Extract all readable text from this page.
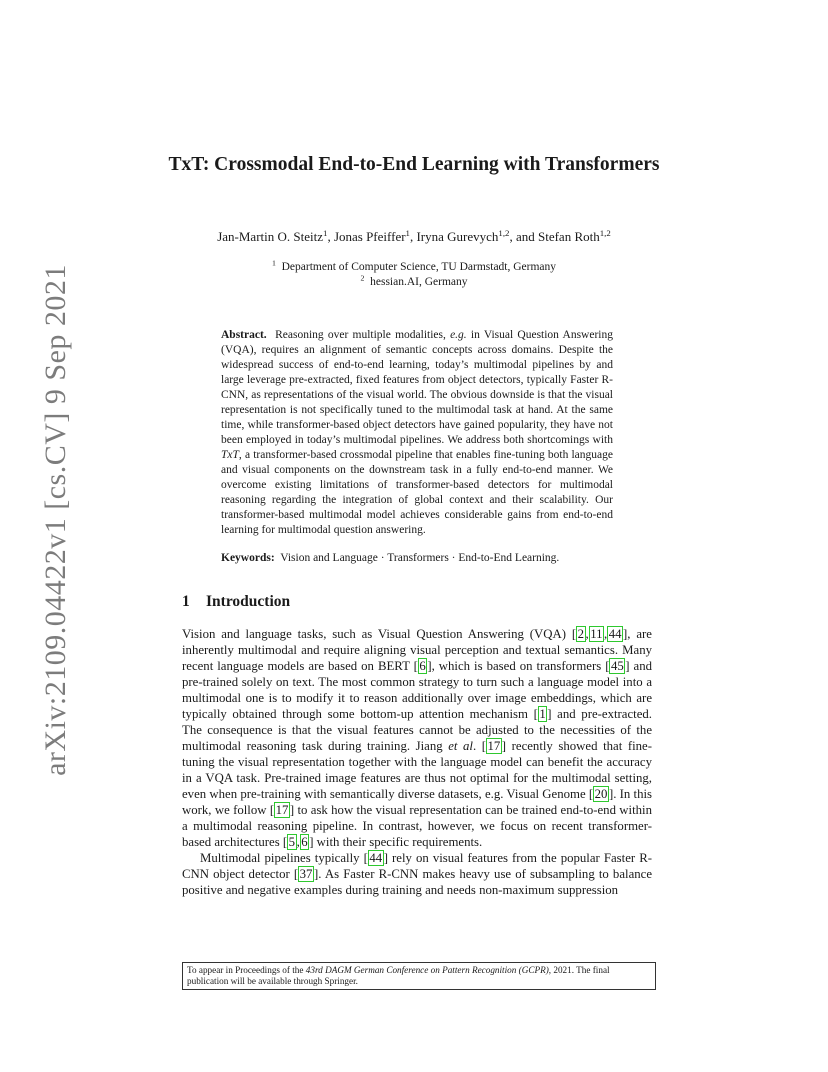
arXiv:2109.04422v1 [cs.CV] 9 Sep 2021
TxT: Crossmodal End-to-End Learning with Transformers
Jan-Martin O. Steitz$^1$, Jonas Pfeiffer$^1$, Iryna Gurevych$^{1,2}$, and Stefan Roth$^{1,2}$
$^1$ Department of Computer Science, TU Darmstadt, Germany
$^2$ hessian.AI, Germany
Abstract. Reasoning over multiple modalities, e.g. in Visual Question Answering (VQA), requires an alignment of semantic concepts across domains. Despite the widespread success of end-to-end learning, today’s multimodal pipelines by and large leverage pre-extracted, fixed features from object detectors, typically Faster R-CNN, as representations of the visual world. The obvious downside is that the visual representation is not specifically tuned to the multimodal task at hand. At the same time, while transformer-based object detectors have gained popularity, they have not been employed in today’s multimodal pipelines. We address both shortcomings with TxT, a transformer-based crossmodal pipeline that enables fine-tuning both language and visual components on the downstream task in a fully end-to-end manner. We overcome existing limitations of transformer-based detectors for multimodal reasoning regarding the integration of global context and their scalability. Our transformer-based multimodal model achieves considerable gains from end-to-end learning for multimodal question answering.
Keywords: Vision and Language · Transformers · End-to-End Learning.
1 Introduction

Vision and language tasks, such as Visual Question Answering (VQA) [ 2 , 11 , 44 ], are inherently multimodal and require aligning visual perception and textual semantics. Many recent language models are based on BERT [ 6 ], which is based on transformers [ 45 ] and pre-trained solely on text. The most common strategy to turn such a language model into a multimodal one is to modify it to reason additionally over image embeddings, which are typically obtained through some bottom-up attention mechanism [ 1 ] and pre-extracted. The consequence is that the visual features cannot be adjusted to the necessities of the multimodal reasoning task during training. Jiang et al. [ 17 ] recently showed that fine-tuning the visual representation together with the language model can benefit the accuracy in a VQA task. Pre-trained image features are thus not optimal for the multimodal setting, even when pre-training with semantically diverse datasets, e.g. Visual Genome [ 20 ]. In this work, we follow [ 17 ] to ask how the visual representation can be trained end-to-end within a multimodal reasoning pipeline. In contrast, however, we focus on recent transformer-based architectures [ 5 , 6 ] with their specific requirements.

Multimodal pipelines typically [ 44 ] rely on visual features from the popular Faster R-CNN object detector [ 37 ]. As Faster R-CNN makes heavy use of subsampling to balance positive and negative examples during training and needs non-maximum suppression

To appear in Proceedings of the 43rd DAGM German Conference on Pattern Recognition (GCPR), 2021. The final publication will be available through Springer.
